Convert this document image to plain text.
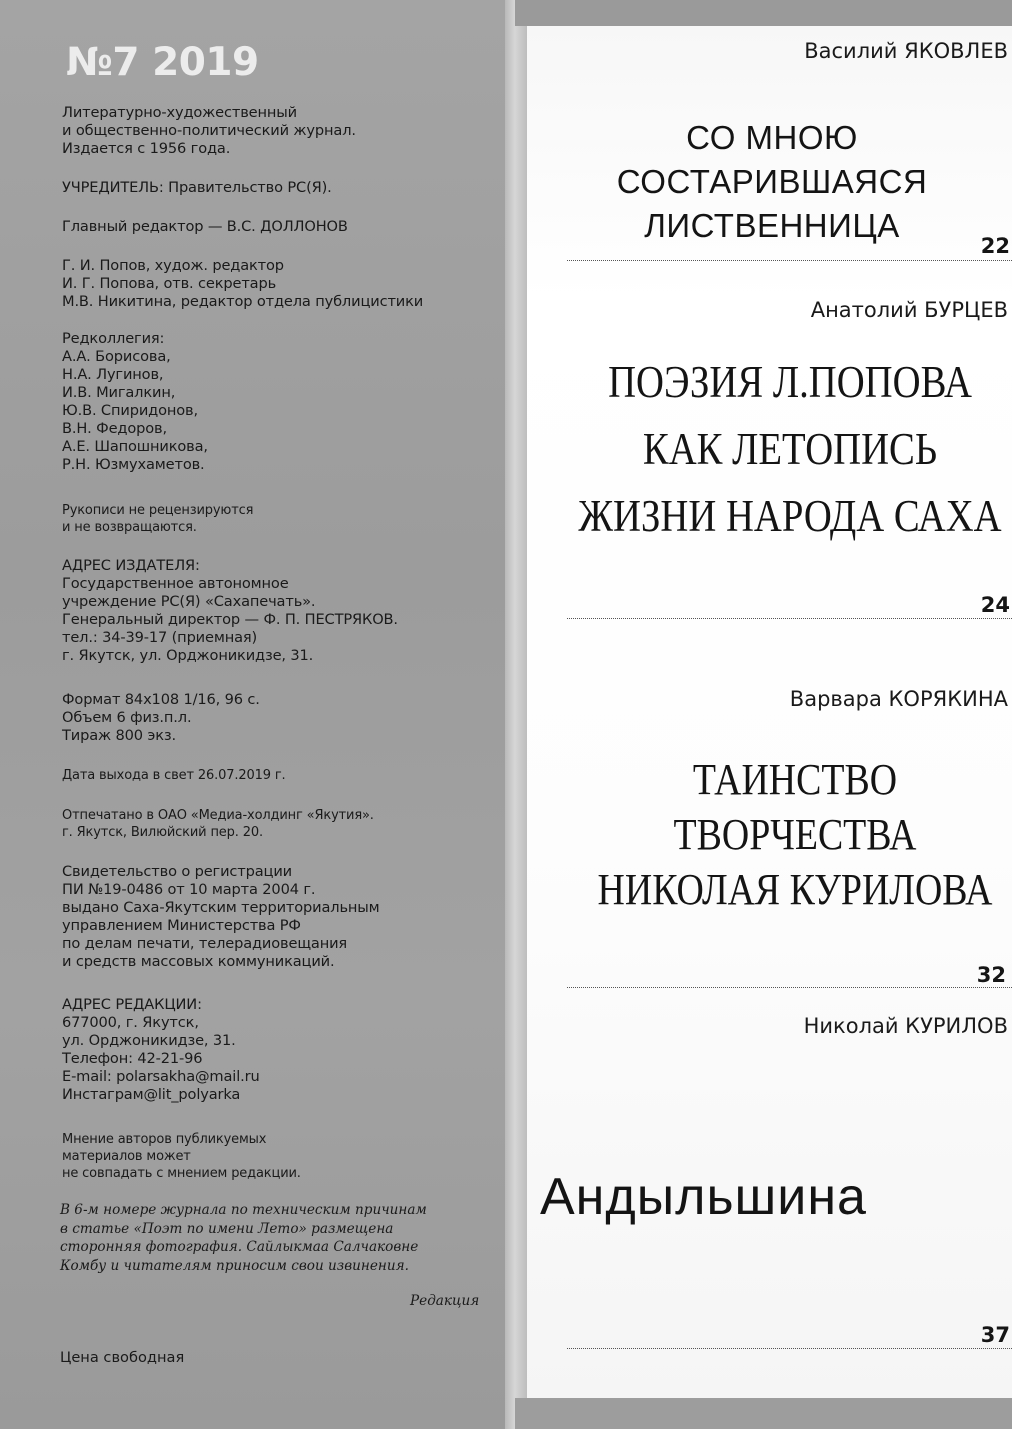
№7 2019
Литературно-художественный
и общественно-политический журнал.
Издается с 1956 года.
УЧРЕДИТЕЛЬ: Правительство РС(Я).
Главный редактор — В.С. ДОЛЛОНОВ
Г. И. Попов, худож. редактор
И. Г. Попова, отв. секретарь
М.В. Никитина, редактор отдела публицистики
Редколлегия:
А.А. Борисова,
Н.А. Лугинов,
И.В. Мигалкин,
Ю.В. Спиридонов,
В.Н. Федоров,
А.Е. Шапошникова,
Р.Н. Юзмухаметов.
Рукописи не рецензируются
и не возвращаются.
АДРЕС ИЗДАТЕЛЯ:
Государственное автономное
учреждение РС(Я) «Сахапечать».
Генеральный директор — Ф. П. ПЕСТРЯКОВ.
тел.: 34-39-17 (приемная)
г. Якутск, ул. Орджоникидзе, 31.
Формат 84х108 1/16, 96 с.
Объем 6 физ.п.л.
Тираж 800 экз.
Дата выхода в свет 26.07.2019 г.
Отпечатано в ОАО «Медиа-холдинг «Якутия».
г. Якутск, Вилюйский пер. 20.
Свидетельство о регистрации
ПИ №19-0486 от 10 марта 2004 г.
выдано Саха-Якутским территориальным
управлением Министерства РФ
по делам печати, телерадиовещания
и средств массовых коммуникаций.
АДРЕС РЕДАКЦИИ:
677000, г. Якутск,
ул. Орджоникидзе, 31.
Телефон: 42-21-96
E-mail: polarsakha@mail.ru
Инстаграм@lit_polyarka
Мнение авторов публикуемых
материалов может
не совпадать с мнением редакции.
В 6-м номере журнала по техническим причинам
в статье «Поэт по имени Лето» размещена
сторонняя фотография. Сайлыкмаа Салчаковне
Комбу и читателям приносим свои извинения.
Редакция
Цена свободная
Василий ЯКОВЛЕВ
СО МНОЮ
СОСТАРИВШАЯСЯ
ЛИСТВЕННИЦА
22
Анатолий БУРЦЕВ
ПОЭЗИЯ Л.ПОПОВА
КАК ЛЕТОПИСЬ
ЖИЗНИ НАРОДА САХА
24
Варвара КОРЯКИНА
ТАИНСТВО
ТВОРЧЕСТВА
НИКОЛАЯ КУРИЛОВА
32
Николай КУРИЛОВ
Андыльшина
37
